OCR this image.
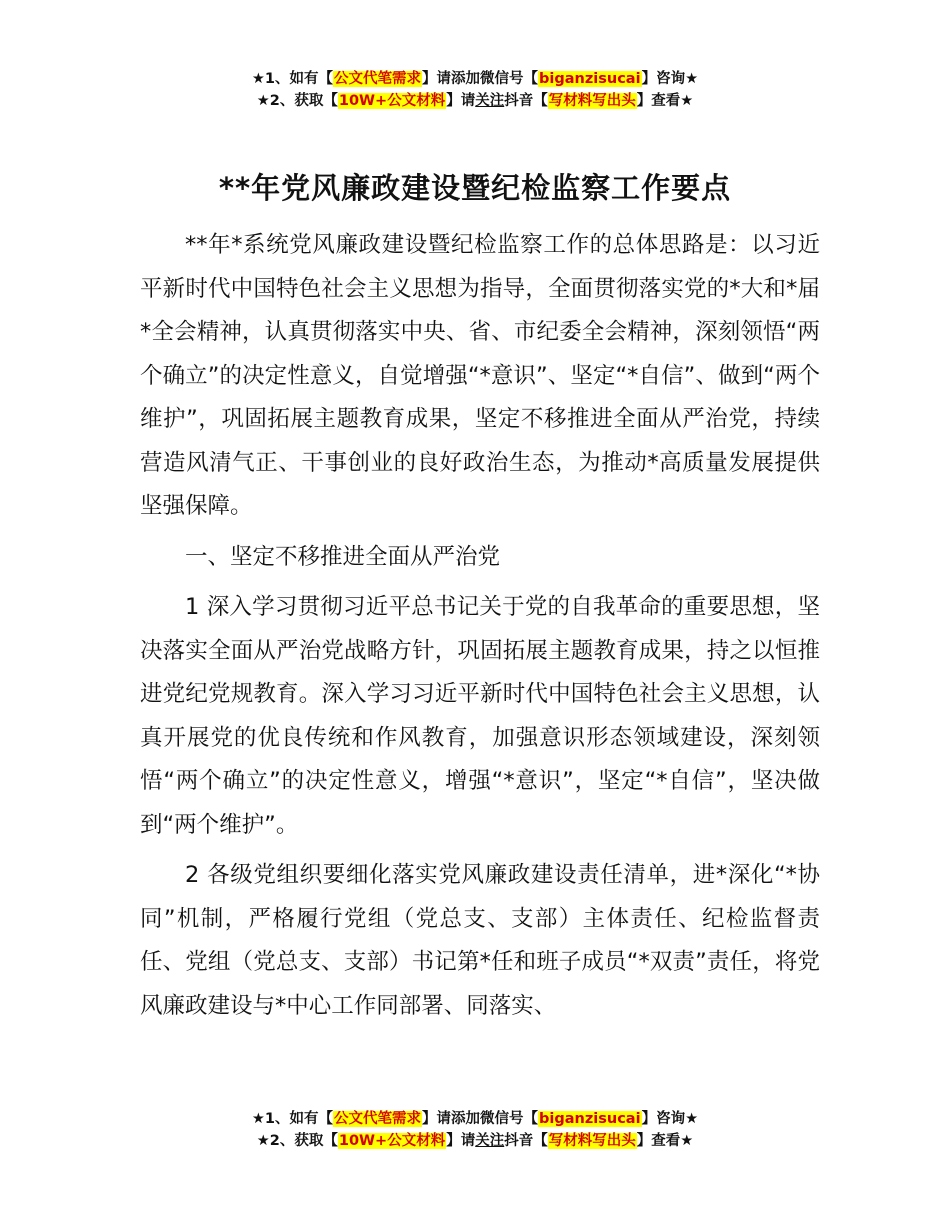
★1、如有【公文代笔需求】请添加微信号【biganzisucai】咨询★
★2、获取【10W+公文材料】请关注抖音【写材料写出头】查看★
**年党风廉政建设暨纪检监察工作要点

**年*系统党风廉政建设暨纪检监察工作的总体思路是：以习近平新时代中国特色社会主义思想为指导，全面贯彻落实党的*大和*届*全会精神，认真贯彻落实中央、省、市纪委全会精神，深刻领悟“两个确立”的决定性意义，自觉增强“*意识”、坚定“*自信”、做到“两个维护”，巩固拓展主题教育成果，坚定不移推进全面从严治党，持续营造风清气正、干事创业的良好政治生态，为推动*高质量发展提供坚强保障。

一、坚定不移推进全面从严治党

1 深入学习贯彻习近平总书记关于党的自我革命的重要思想，坚决落实全面从严治党战略方针，巩固拓展主题教育成果，持之以恒推进党纪党规教育。深入学习习近平新时代中国特色社会主义思想，认真开展党的优良传统和作风教育，加强意识形态领域建设，深刻领悟“两个确立”的决定性意义，增强“*意识”，坚定“*自信”，坚决做到“两个维护”。

2 各级党组织要细化落实党风廉政建设责任清单，进*深化“*协同”机制，严格履行党组（党总支、支部）主体责任、纪检监督责任、党组（党总支、支部）书记第*任和班子成员“*双责”责任，将党风廉政建设与*中心工作同部署、同落实、

★1、如有【公文代笔需求】请添加微信号【biganzisucai】咨询★
★2、获取【10W+公文材料】请关注抖音【写材料写出头】查看★
